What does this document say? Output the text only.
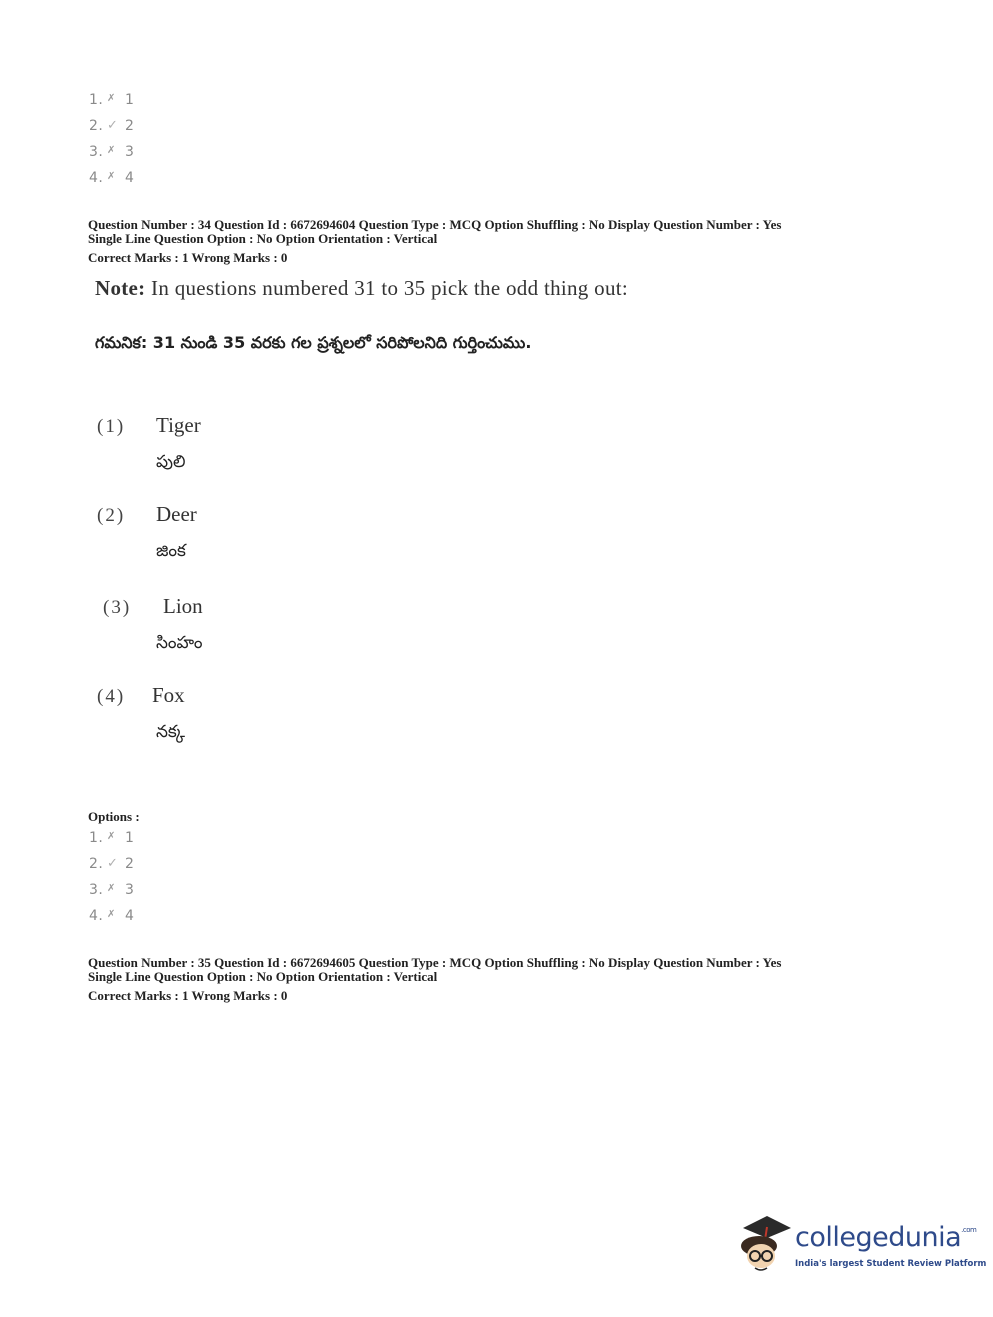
1. ✗ 1
2. ✓ 2
3. ✗ 3
4. ✗ 4
Question Number : 34 Question Id : 6672694604 Question Type : MCQ Option Shuffling : No Display Question Number : Yes
Single Line Question Option : No Option Orientation : Vertical
Correct Marks : 1 Wrong Marks : 0
Note: In questions numbered 31 to 35 pick the odd thing out:
గమనిక: 31 నుండి 35 వరకు గల ప్రశ్నలలో సరిపోలనిది గుర్తించుము.
(1) Tiger
పులి
(2) Deer
జింక
(3) Lion
సింహం
(4) Fox
నక్క
Options :
1. ✗ 1
2. ✓ 2
3. ✗ 3
4. ✗ 4
Question Number : 35 Question Id : 6672694605 Question Type : MCQ Option Shuffling : No Display Question Number : Yes
Single Line Question Option : No Option Orientation : Vertical
Correct Marks : 1 Wrong Marks : 0
collegedunia$^{.com}$
India's largest Student Review Platform
